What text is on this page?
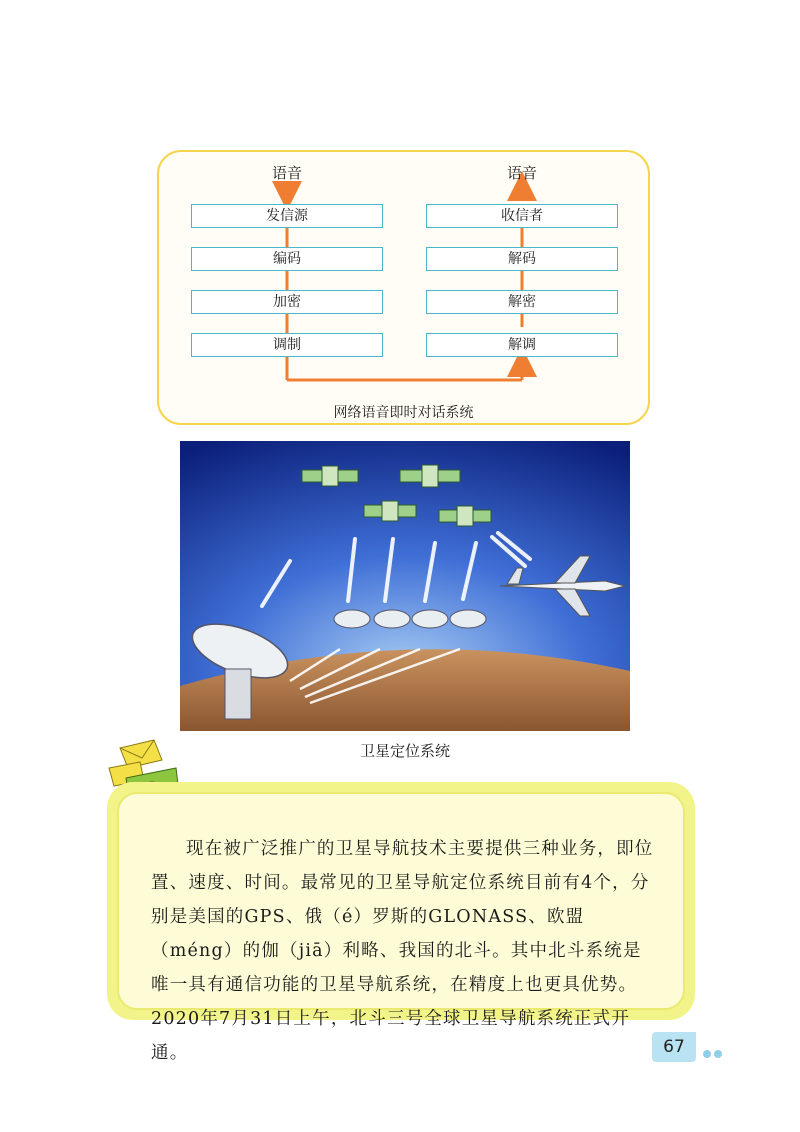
语音	语音
发信源
编码
加密
调制
收信者
解码
解密
解调
网络语音即时对话系统
卫星定位系统

现在被广泛推广的卫星导航技术主要提供三种业务，即位置、速度、时间。最常见的卫星导航定位系统目前有4个，分别是美国的GPS、俄（é）罗斯的GLONASS、欧盟（méng）的伽（jiā）利略、我国的北斗。其中北斗系统是唯一具有通信功能的卫星导航系统，在精度上也更具优势。2020年7月31日上午，北斗三号全球卫星导航系统正式开通。	67
